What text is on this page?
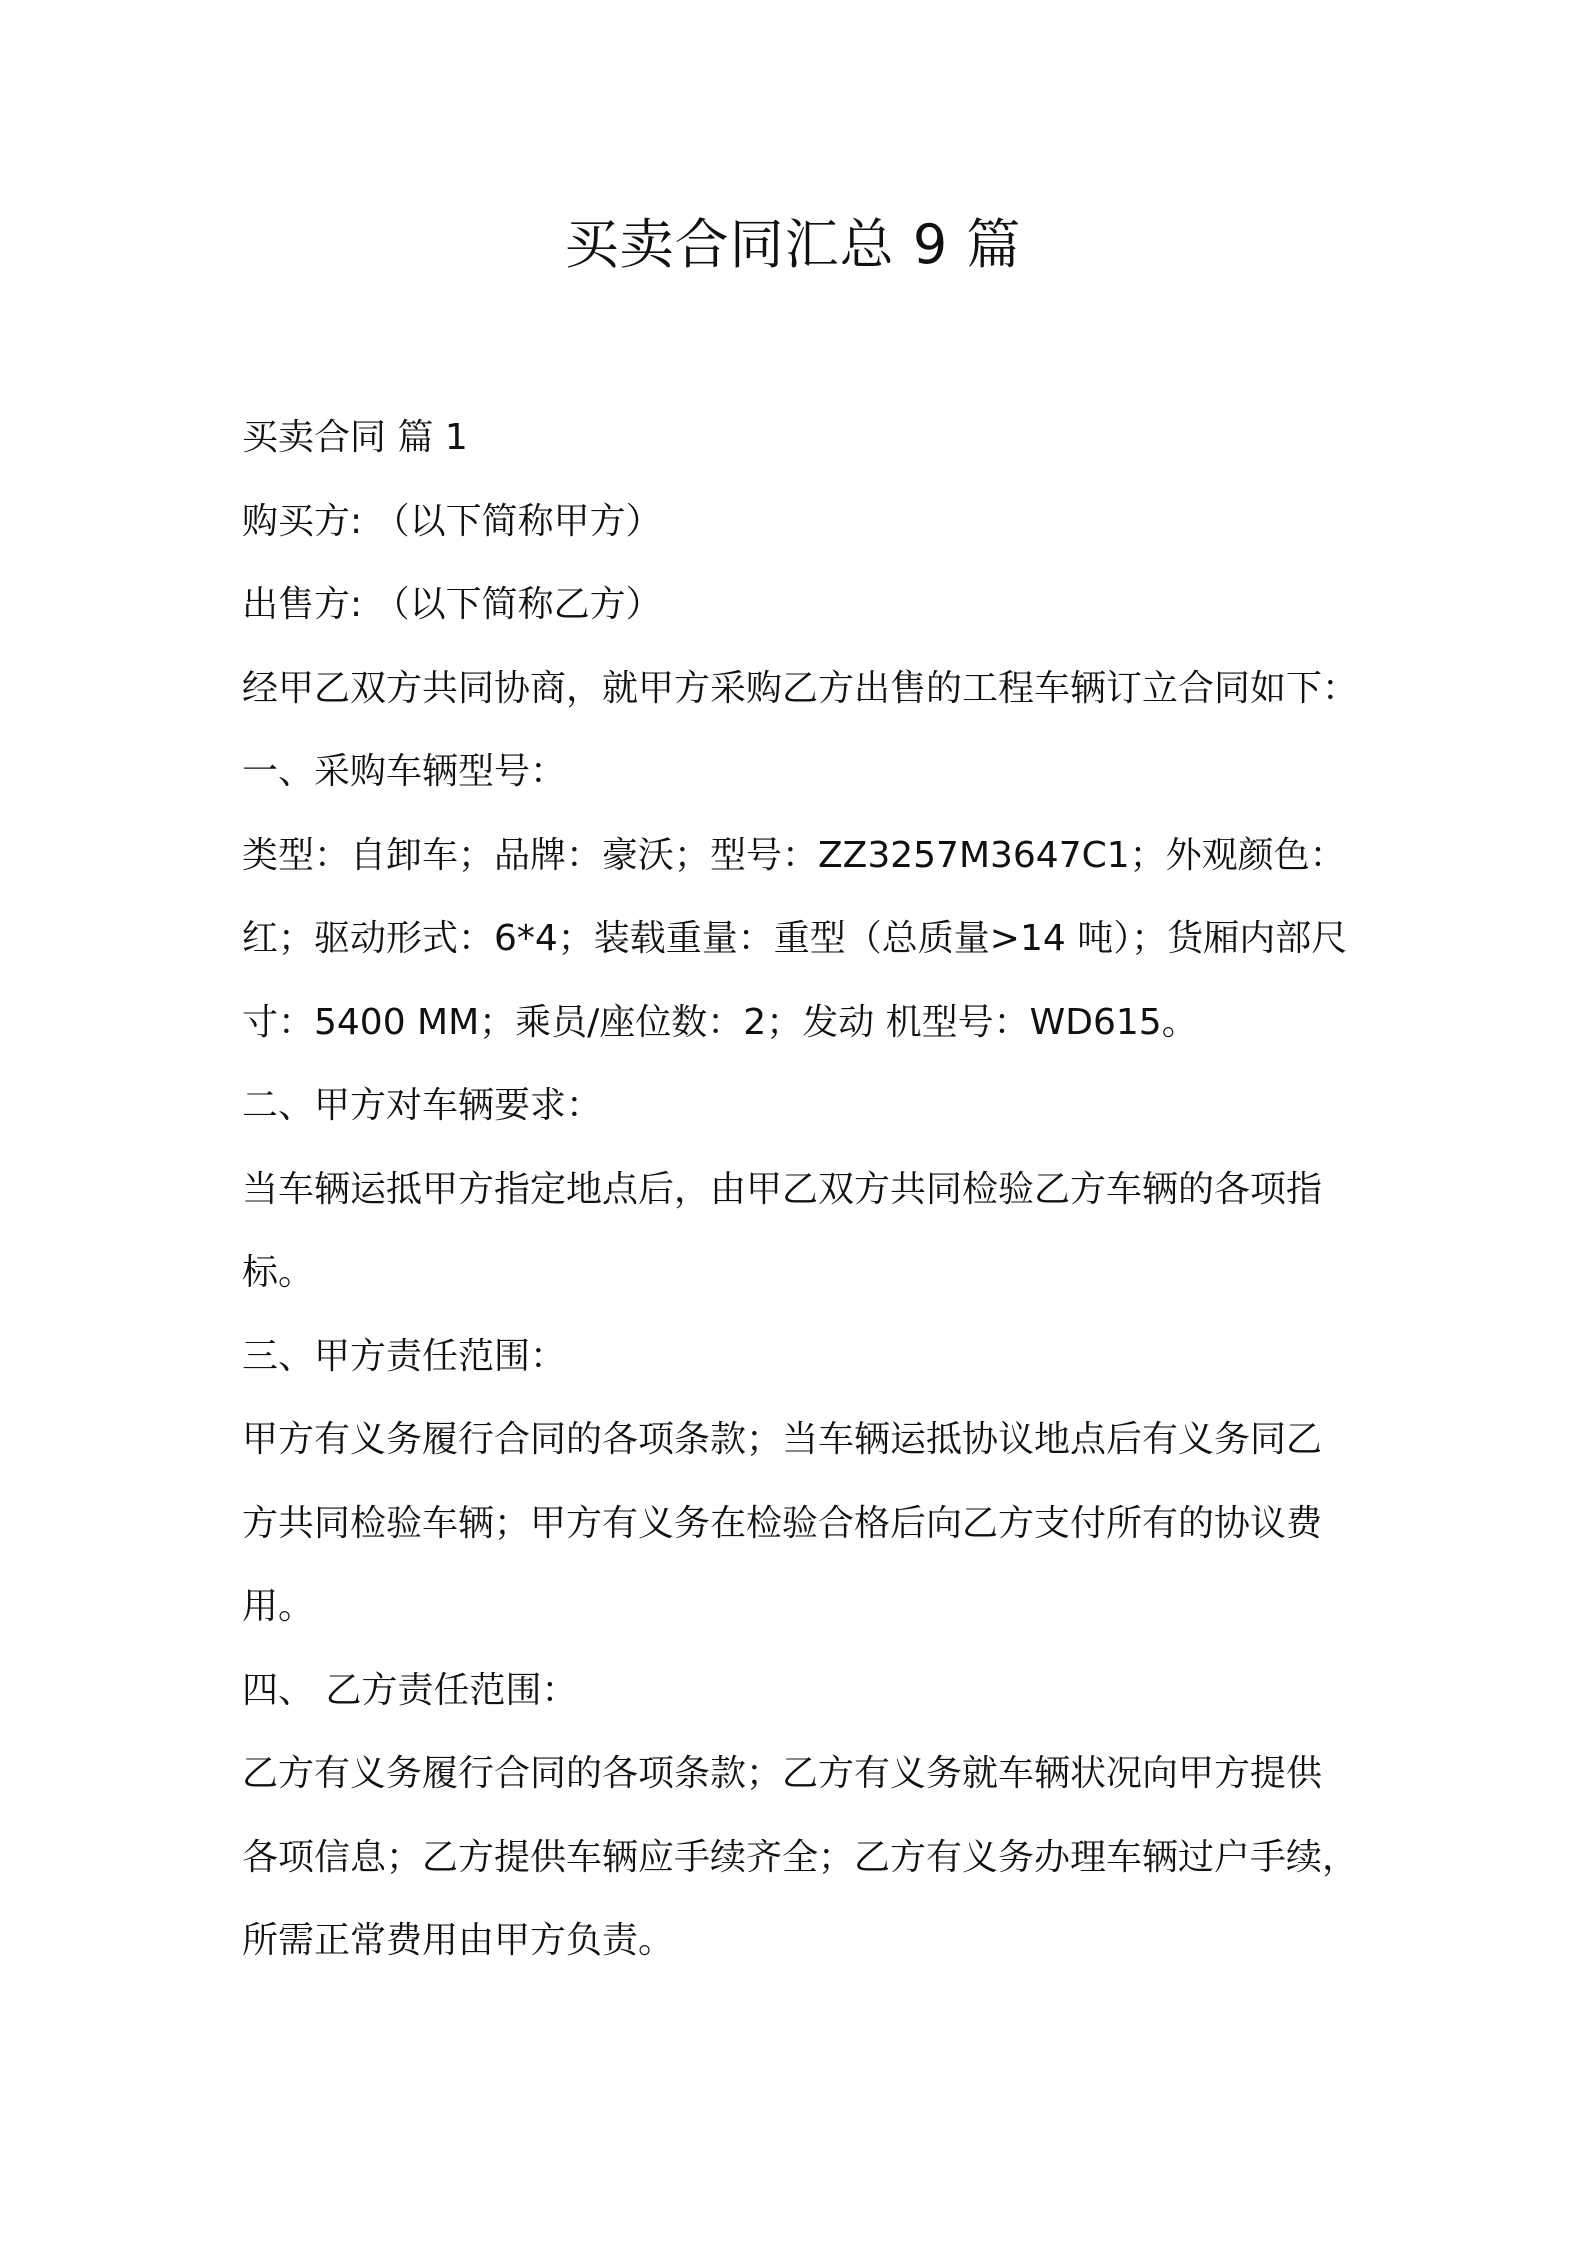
买卖合同汇总 9 篇

买卖合同 篇 1

购买方: （以下简称甲方）

出售方: （以下简称乙方）

经甲乙双方共同协商，就甲方采购乙方出售的工程车辆订立合同如下：

一、采购车辆型号：

类型：自卸车；品牌：豪沃；型号：ZZ3257M3647C1；外观颜色：
红；驱动形式：6*4；装载重量：重型（总质量>14 吨）；货厢内部尺
寸：5400 MM；乘员/座位数：2；发动 机型号：WD615。

二、甲方对车辆要求：

当车辆运抵甲方指定地点后，由甲乙双方共同检验乙方车辆的各项指
标。

三、甲方责任范围：

甲方有义务履行合同的各项条款；当车辆运抵协议地点后有义务同乙
方共同检验车辆；甲方有义务在检验合格后向乙方支付所有的协议费
用。

四、 乙方责任范围：

乙方有义务履行合同的各项条款；乙方有义务就车辆状况向甲方提供
各项信息；乙方提供车辆应手续齐全；乙方有义务办理车辆过户手续，
所需正常费用由甲方负责。
